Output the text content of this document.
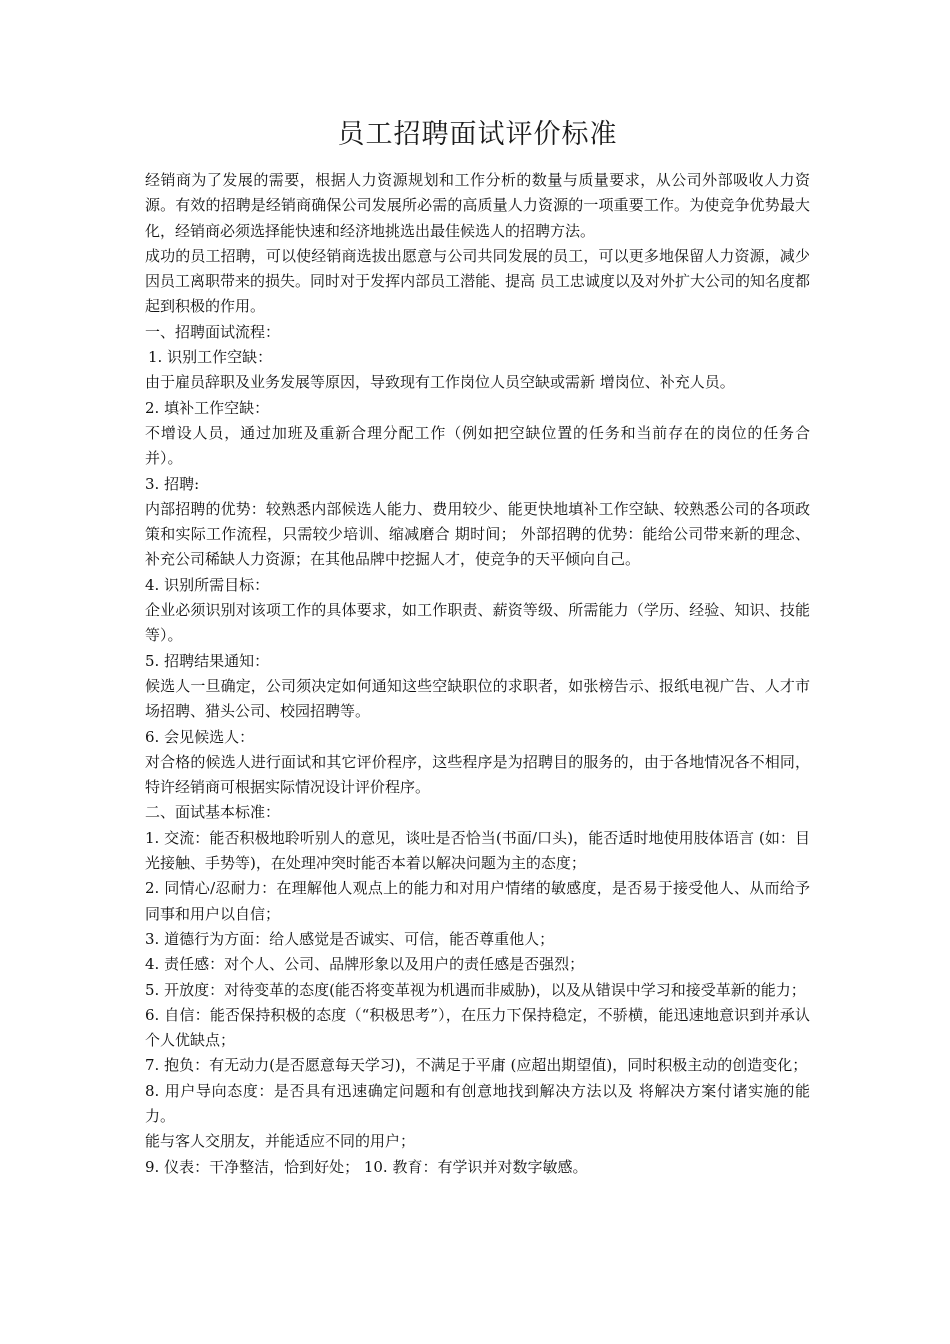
员工招聘面试评价标准

经销商为了发展的需要，根据人力资源规划和工作分析的数量与质量要求，从公司外部吸收人力资源。有效的招聘是经销商确保公司发展所必需的高质量人力资源的一项重要工作。为使竞争优势最大化，经销商必须选择能快速和经济地挑选出最佳候选人的招聘方法。

成功的员工招聘，可以使经销商选拔出愿意与公司共同发展的员工，可以更多地保留人力资源，减少因员工离职带来的损失。同时对于发挥内部员工潜能、提高 员工忠诚度以及对外扩大公司的知名度都起到积极的作用。

一、招聘面试流程：

1. 识别工作空缺：

由于雇员辞职及业务发展等原因，导致现有工作岗位人员空缺或需新 增岗位、补充人员。

2. 填补工作空缺：

不增设人员，通过加班及重新合理分配工作（例如把空缺位置的任务和当前存在的岗位的任务合并）。

3. 招聘:

内部招聘的优势：较熟悉内部候选人能力、费用较少、能更快地填补工作空缺、较熟悉公司的各项政策和实际工作流程，只需较少培训、缩减磨合 期时间； 外部招聘的优势：能给公司带来新的理念、补充公司稀缺人力资源；在其他品牌中挖掘人才，使竞争的天平倾向自己。

4. 识别所需目标：

企业必须识别对该项工作的具体要求，如工作职责、薪资等级、所需能力（学历、经验、知识、技能等）。

5. 招聘结果通知：

候选人一旦确定，公司须决定如何通知这些空缺职位的求职者，如张榜告示、报纸电视广告、人才市场招聘、猎头公司、校园招聘等。

6. 会见候选人：

对合格的候选人进行面试和其它评价程序，这些程序是为招聘目的服务的，由于各地情况各不相同，特许经销商可根据实际情况设计评价程序。

二、面试基本标准：

1. 交流：能否积极地聆听别人的意见，谈吐是否恰当(书面/口头)，能否适时地使用肢体语言 (如：目光接触、手势等)，在处理冲突时能否本着以解决问题为主的态度；

2. 同情心/忍耐力：在理解他人观点上的能力和对用户情绪的敏感度，是否易于接受他人、从而给予同事和用户以自信；

3. 道德行为方面：给人感觉是否诚实、可信，能否尊重他人；

4. 责任感：对个人、公司、品牌形象以及用户的责任感是否强烈；

5. 开放度：对待变革的态度(能否将变革视为机遇而非威胁)，以及从错误中学习和接受革新的能力；

6. 自信：能否保持积极的态度（“积极思考”），在压力下保持稳定，不骄横，能迅速地意识到并承认个人优缺点；

7. 抱负：有无动力(是否愿意每天学习)，不满足于平庸 (应超出期望值)，同时积极主动的创造变化；

8. 用户导向态度：是否具有迅速确定问题和有创意地找到解决方法以及 将解决方案付诸实施的能力。

能与客人交朋友，并能适应不同的用户；

9. 仪表：干净整洁，恰到好处； 10. 教育：有学识并对数字敏感。
